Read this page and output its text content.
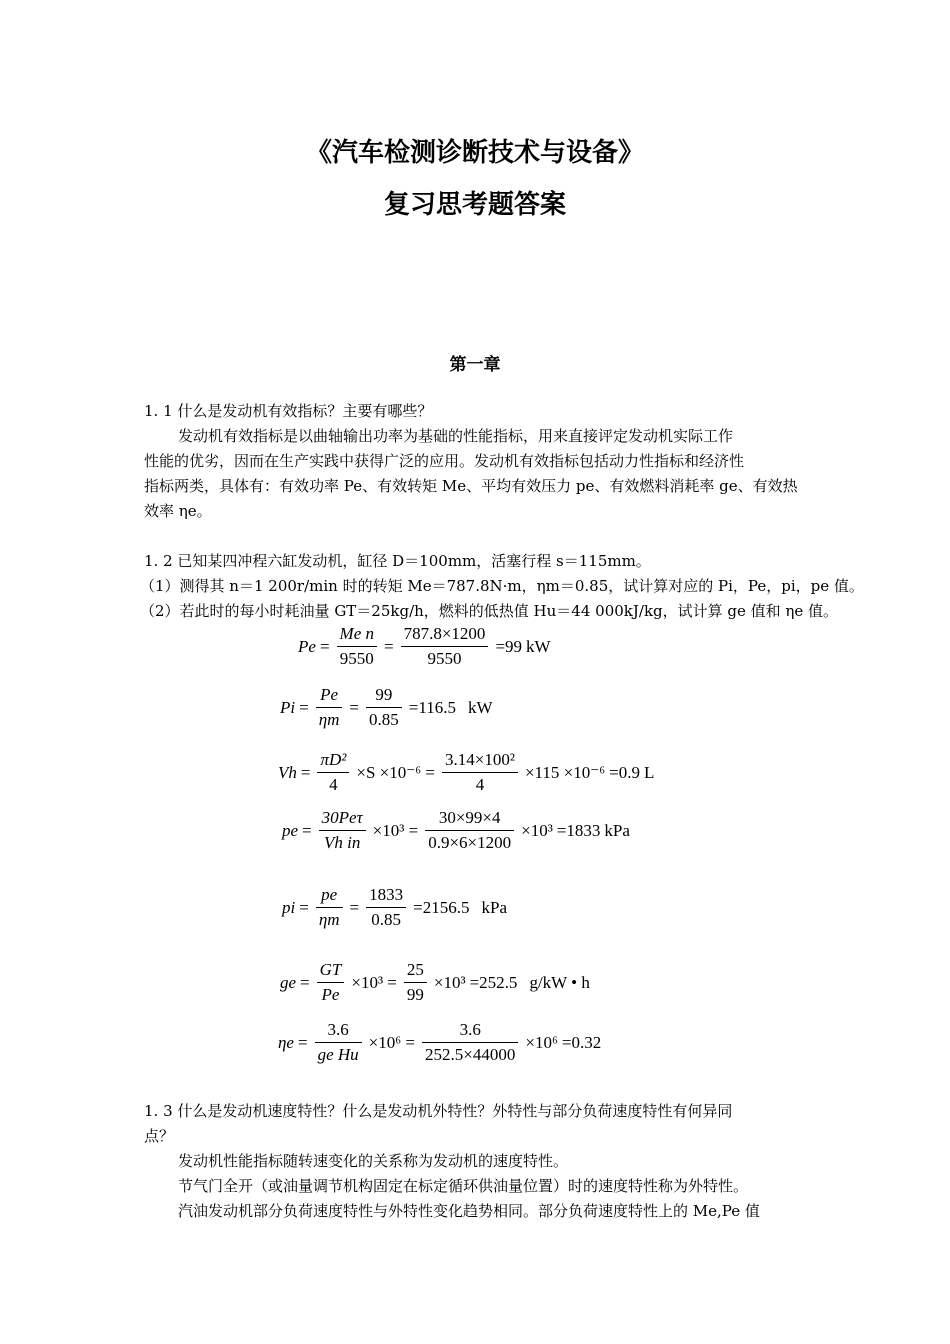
《汽车检测诊断技术与设备》
复习思考题答案
第一章
1. 1 什么是发动机有效指标？主要有哪些？
发动机有效指标是以曲轴输出功率为基础的性能指标，用来直接评定发动机实际工作
性能的优劣，因而在生产实践中获得广泛的应用。发动机有效指标包括动力性指标和经济性
指标两类，具体有：有效功率 Pe、有效转矩 Me、平均有效压力 pe、有效燃料消耗率 ge、有效热
效率 ηe。
1. 2 已知某四冲程六缸发动机，缸径 D＝100mm，活塞行程 s＝115mm。
（1）测得其 n＝1 200r/min 时的转矩 Me＝787.8N·m，ηm＝0.85，试计算对应的 Pi，Pe，pi，pe 值。
（2）若此时的每小时耗油量 GT＝25kg/h，燃料的低热值 Hu＝44 000kJ/kg，试计算 ge 值和 ηe 值。
$Pe = \frac{\text{Me n}}{9550} = \frac{787.8\times 1200}{9550} =99$ kW
$Pi = \frac{Pe}{\eta m} = \frac{99}{0.85} =116.5$ kW
$Vh = \frac{\text{πD²}}{4} \times S \times 10^{-6} = \frac{\text{3.14×100²}}{4} \times 115 \times 10^{-6} =0.9$ L
pe = $\frac{\text{30Peτ}}{\text{Vh in}} \times 10^3 = \frac{30\times 99\times 4}{0.9\times 6\times 1200} \times 10^3 =1833$ kPa
pi = $\frac{pe}{\eta m} = \frac{1833}{0.85} =2156.5$ kPa
ge = $\frac{GT}{Pe} \times 10^3 = \frac{25}{99} \times 10^3 =252.5$ g/kW • h
$\eta e = \frac{3.6}{\text{ge Hu}} \times 10^6 = \frac{3.6}{252.5\times 44000} \times 10^6 =0.32$
1. 3 什么是发动机速度特性？什么是发动机外特性？外特性与部分负荷速度特性有何异同
点？
发动机性能指标随转速变化的关系称为发动机的速度特性。
节气门全开（或油量调节机构固定在标定循环供油量位置）时的速度特性称为外特性。
汽油发动机部分负荷速度特性与外特性变化趋势相同。部分负荷速度特性上的 Me,Pe 值
